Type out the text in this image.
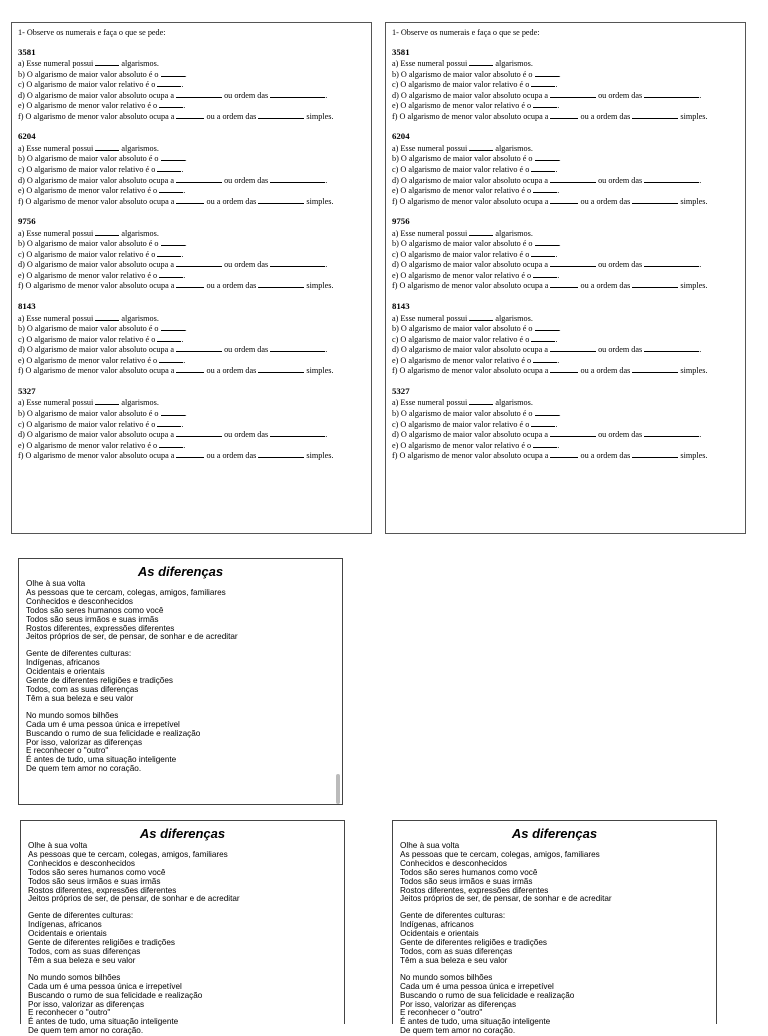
1- Observe os numerais e faça o que se pede:
3581
a) Esse numeral possui	algarismos.
b) O algarismo de maior valor absoluto é o	.
c) O algarismo de maior valor relativo é o	.
d) O algarismo de maior valor absoluto ocupa a	ou ordem das	.
e) O algarismo de menor valor relativo é o	.
f) O algarismo de menor valor absoluto ocupa a	ou a ordem das	simples.
6204
a) Esse numeral possui	algarismos.
b) O algarismo de maior valor absoluto é o	.
c) O algarismo de maior valor relativo é o	.
d) O algarismo de maior valor absoluto ocupa a	ou ordem das	.
e) O algarismo de menor valor relativo é o	.
f) O algarismo de menor valor absoluto ocupa a	ou a ordem das	simples.
9756
a) Esse numeral possui	algarismos.
b) O algarismo de maior valor absoluto é o	.
c) O algarismo de maior valor relativo é o	.
d) O algarismo de maior valor absoluto ocupa a	ou ordem das	.
e) O algarismo de menor valor relativo é o	.
f) O algarismo de menor valor absoluto ocupa a	ou a ordem das	simples.
8143
a) Esse numeral possui	algarismos.
b) O algarismo de maior valor absoluto é o	.
c) O algarismo de maior valor relativo é o	.
d) O algarismo de maior valor absoluto ocupa a	ou ordem das	.
e) O algarismo de menor valor relativo é o	.
f) O algarismo de menor valor absoluto ocupa a	ou a ordem das	simples.
5327
a) Esse numeral possui	algarismos.
b) O algarismo de maior valor absoluto é o	.
c) O algarismo de maior valor relativo é o	.
d) O algarismo de maior valor absoluto ocupa a	ou ordem das	.
e) O algarismo de menor valor relativo é o	.
f) O algarismo de menor valor absoluto ocupa a	ou a ordem das	simples.
1- Observe os numerais e faça o que se pede:
3581
a) Esse numeral possui	algarismos.
b) O algarismo de maior valor absoluto é o	.
c) O algarismo de maior valor relativo é o	.
d) O algarismo de maior valor absoluto ocupa a	ou ordem das	.
e) O algarismo de menor valor relativo é o	.
f) O algarismo de menor valor absoluto ocupa a	ou a ordem das	simples.
6204
a) Esse numeral possui	algarismos.
b) O algarismo de maior valor absoluto é o	.
c) O algarismo de maior valor relativo é o	.
d) O algarismo de maior valor absoluto ocupa a	ou ordem das	.
e) O algarismo de menor valor relativo é o	.
f) O algarismo de menor valor absoluto ocupa a	ou a ordem das	simples.
9756
a) Esse numeral possui	algarismos.
b) O algarismo de maior valor absoluto é o	.
c) O algarismo de maior valor relativo é o	.
d) O algarismo de maior valor absoluto ocupa a	ou ordem das	.
e) O algarismo de menor valor relativo é o	.
f) O algarismo de menor valor absoluto ocupa a	ou a ordem das	simples.
8143
a) Esse numeral possui	algarismos.
b) O algarismo de maior valor absoluto é o	.
c) O algarismo de maior valor relativo é o	.
d) O algarismo de maior valor absoluto ocupa a	ou ordem das	.
e) O algarismo de menor valor relativo é o	.
f) O algarismo de menor valor absoluto ocupa a	ou a ordem das	simples.
5327
a) Esse numeral possui	algarismos.
b) O algarismo de maior valor absoluto é o	.
c) O algarismo de maior valor relativo é o	.
d) O algarismo de maior valor absoluto ocupa a	ou ordem das	.
e) O algarismo de menor valor relativo é o	.
f) O algarismo de menor valor absoluto ocupa a	ou a ordem das	simples.
As diferenças
Olhe à sua volta
As pessoas que te cercam, colegas, amigos, familiares
Conhecidos e desconhecidos
Todos são seres humanos como você
Todos são seus irmãos e suas irmãs
Rostos diferentes, expressões diferentes
Jeitos próprios de ser, de pensar, de sonhar e de acreditar
Gente de diferentes culturas:
Indígenas, africanos
Ocidentais e orientais
Gente de diferentes religiões e tradições
Todos, com as suas diferenças
Têm a sua beleza e seu valor
No mundo somos bilhões
Cada um é uma pessoa única e irrepetível
Buscando o rumo de sua felicidade e realização
Por isso, valorizar as diferenças
E reconhecer o "outro"
É antes de tudo, uma situação inteligente
De quem tem amor no coração.
As diferenças
Olhe à sua volta
As pessoas que te cercam, colegas, amigos, familiares
Conhecidos e desconhecidos
Todos são seres humanos como você
Todos são seus irmãos e suas irmãs
Rostos diferentes, expressões diferentes
Jeitos próprios de ser, de pensar, de sonhar e de acreditar
Gente de diferentes culturas:
Indígenas, africanos
Ocidentais e orientais
Gente de diferentes religiões e tradições
Todos, com as suas diferenças
Têm a sua beleza e seu valor
No mundo somos bilhões
Cada um é uma pessoa única e irrepetível
Buscando o rumo de sua felicidade e realização
Por isso, valorizar as diferenças
E reconhecer o "outro"
É antes de tudo, uma situação inteligente
De quem tem amor no coração.
As diferenças
Olhe à sua volta
As pessoas que te cercam, colegas, amigos, familiares
Conhecidos e desconhecidos
Todos são seres humanos como você
Todos são seus irmãos e suas irmãs
Rostos diferentes, expressões diferentes
Jeitos próprios de ser, de pensar, de sonhar e de acreditar
Gente de diferentes culturas:
Indígenas, africanos
Ocidentais e orientais
Gente de diferentes religiões e tradições
Todos, com as suas diferenças
Têm a sua beleza e seu valor
No mundo somos bilhões
Cada um é uma pessoa única e irrepetível
Buscando o rumo de sua felicidade e realização
Por isso, valorizar as diferenças
E reconhecer o "outro"
É antes de tudo, uma situação inteligente
De quem tem amor no coração.
